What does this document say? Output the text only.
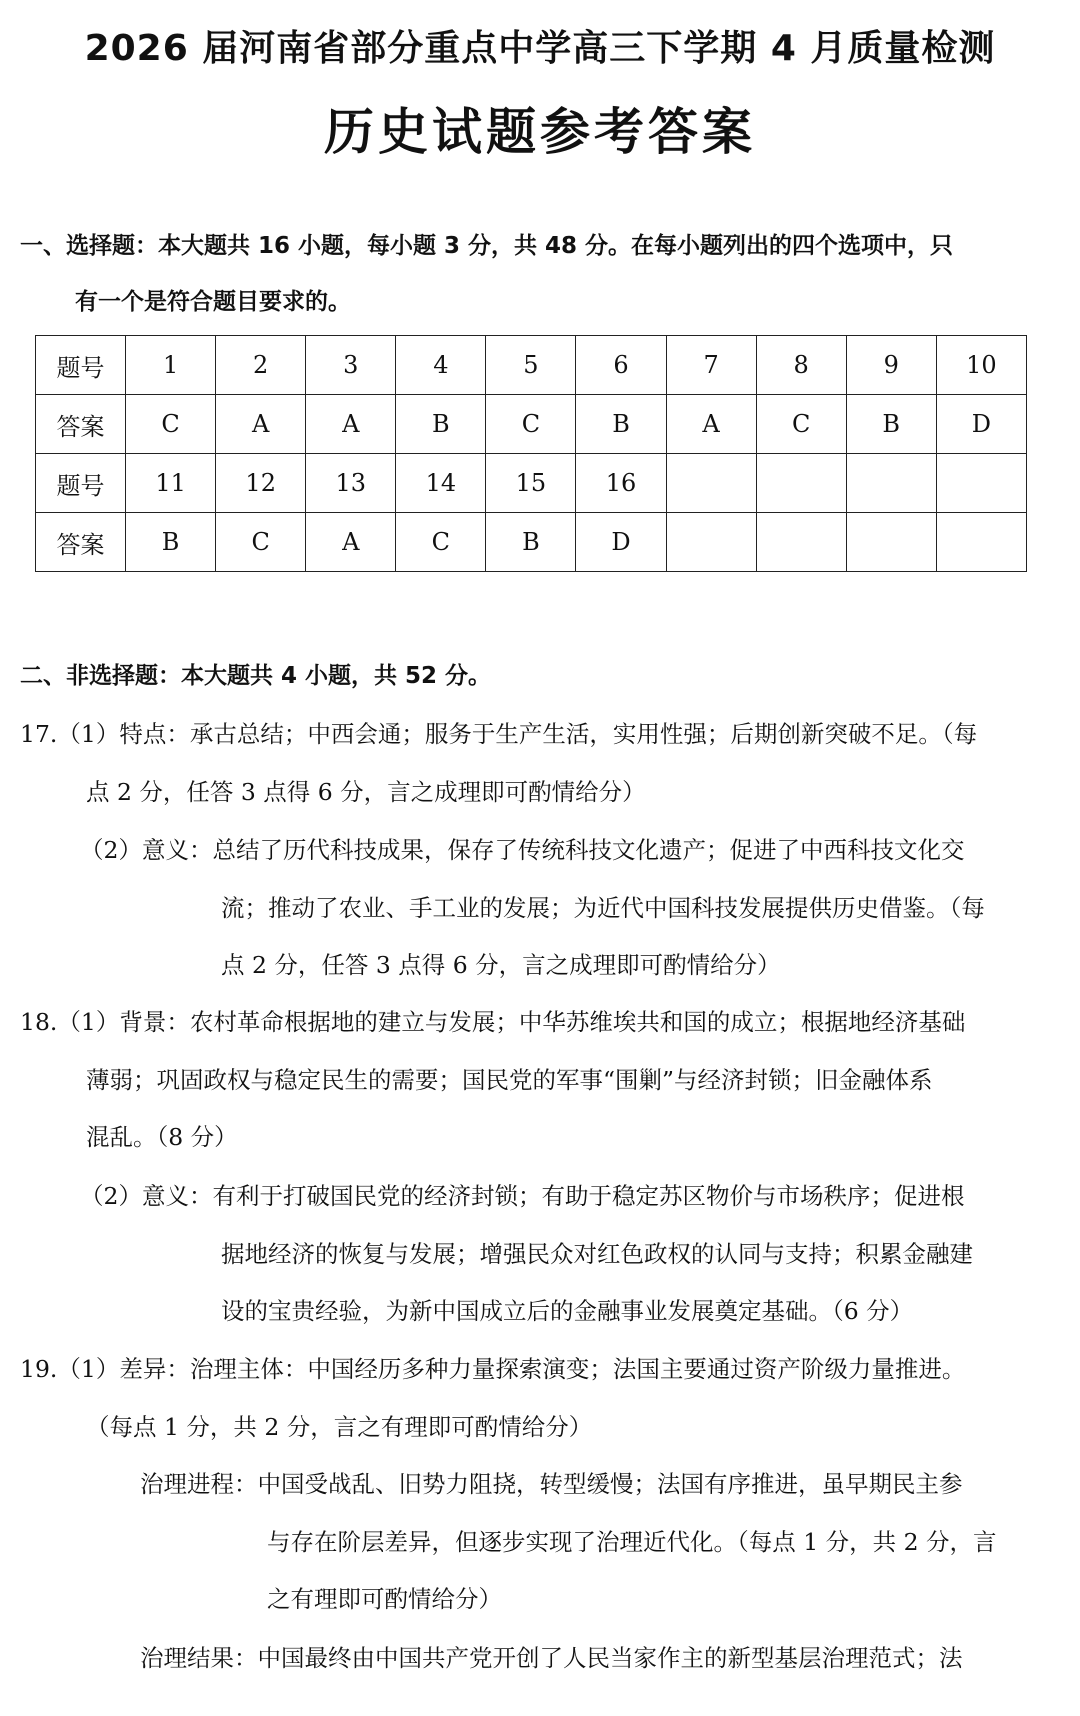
2026 届河南省部分重点中学高三下学期 4 月质量检测
历史试题参考答案
一、选择题：本大题共 16 小题，每小题 3 分，共 48 分。在每小题列出的四个选项中，只
有一个是符合题目要求的。
题号	1	2	3	4	5	6	7	8	9	10
答案	C	A	A	B	C	B	A	C	B	D
题号	11	12	13	14	15	16				
答案	B	C	A	C	B	D				
二、非选择题：本大题共 4 小题，共 52 分。
17.（1）特点：承古总结；中西会通；服务于生产生活，实用性强；后期创新突破不足。（每
点 2 分，任答 3 点得 6 分，言之成理即可酌情给分）
（2）意义：总结了历代科技成果，保存了传统科技文化遗产；促进了中西科技文化交
流；推动了农业、手工业的发展；为近代中国科技发展提供历史借鉴。（每
点 2 分，任答 3 点得 6 分，言之成理即可酌情给分）
18.（1）背景：农村革命根据地的建立与发展；中华苏维埃共和国的成立；根据地经济基础
薄弱；巩固政权与稳定民生的需要；国民党的军事“围剿”与经济封锁；旧金融体系
混乱。（8 分）
（2）意义：有利于打破国民党的经济封锁；有助于稳定苏区物价与市场秩序；促进根
据地经济的恢复与发展；增强民众对红色政权的认同与支持；积累金融建
设的宝贵经验，为新中国成立后的金融事业发展奠定基础。（6 分）
19.（1）差异：治理主体：中国经历多种力量探索演变；法国主要通过资产阶级力量推进。
（每点 1 分，共 2 分，言之有理即可酌情给分）
治理进程：中国受战乱、旧势力阻挠，转型缓慢；法国有序推进，虽早期民主参
与存在阶层差异，但逐步实现了治理近代化。（每点 1 分，共 2 分，言
之有理即可酌情给分）
治理结果：中国最终由中国共产党开创了人民当家作主的新型基层治理范式；法
